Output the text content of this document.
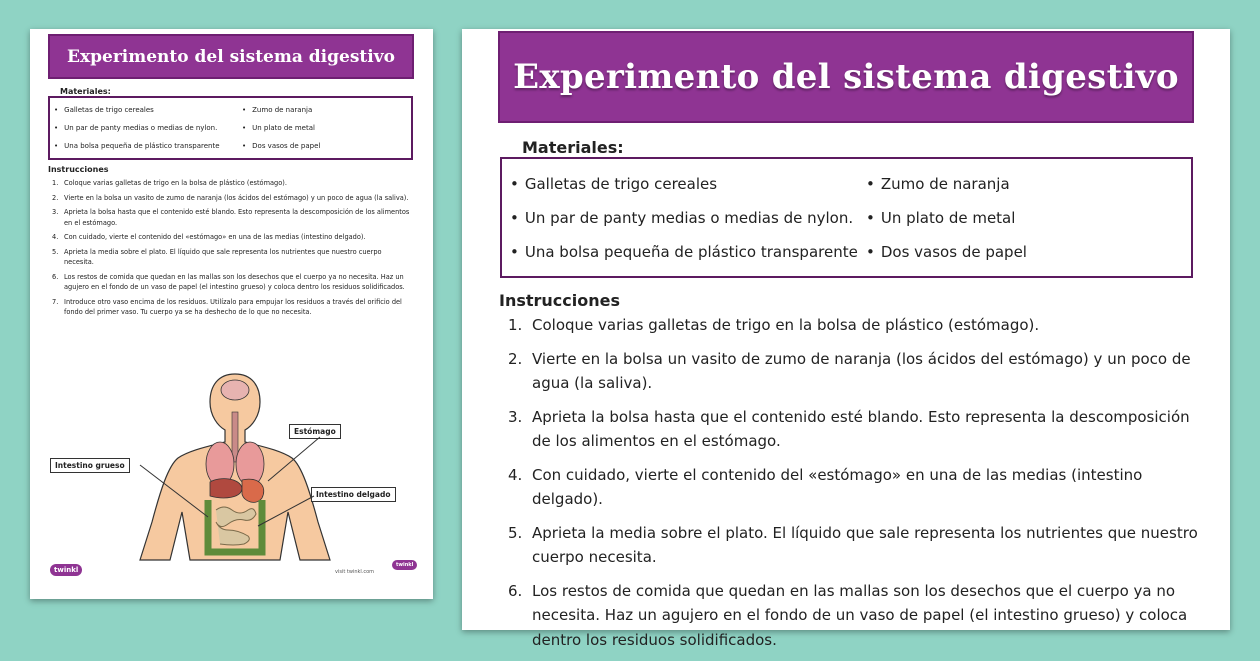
Experimento del sistema digestivo
Materiales:
• Galletas de trigo cereales
• Un par de panty medias o medias de nylon.
• Una bolsa pequeña de plástico transparente
• Zumo de naranja
• Un plato de metal
• Dos vasos de papel
Instrucciones
1. Coloque varias galletas de trigo en la bolsa de plástico (estómago).
2. Vierte en la bolsa un vasito de zumo de naranja (los ácidos del estómago) y un poco de agua (la saliva).
3. Aprieta la bolsa hasta que el contenido esté blando. Esto representa la descomposición de los alimentos en el estómago.
4. Con cuidado, vierte el contenido del «estómago» en una de las medias (intestino delgado).
5. Aprieta la media sobre el plato. El líquido que sale representa los nutrientes que nuestro cuerpo necesita.
6. Los restos de comida que quedan en las mallas son los desechos que el cuerpo ya no necesita. Haz un agujero en el fondo de un vaso de papel (el intestino grueso) y coloca dentro los residuos solidificados.
7. Introduce otro vaso encima de los residuos. Utilízalo para empujar los residuos a través del orificio del fondo del primer vaso. Tu cuerpo ya se ha deshecho de lo que no necesita.
Estómago
Intestino grueso
Intestino delgado
twinkl	visit twinkl.com
twinkl
Experimento del sistema digestivo
Materiales:
• Galletas de trigo cereales
• Un par de panty medias o medias de nylon.
• Una bolsa pequeña de plástico transparente
• Zumo de naranja
• Un plato de metal
• Dos vasos de papel
Instrucciones
1. Coloque varias galletas de trigo en la bolsa de plástico (estómago).
2. Vierte en la bolsa un vasito de zumo de naranja (los ácidos del estómago) y un poco de agua (la saliva).
3. Aprieta la bolsa hasta que el contenido esté blando. Esto representa la descomposición de los alimentos en el estómago.
4. Con cuidado, vierte el contenido del «estómago» en una de las medias (intestino delgado).
5. Aprieta la media sobre el plato. El líquido que sale representa los nutrientes que nuestro cuerpo necesita.
6. Los restos de comida que quedan en las mallas son los desechos que el cuerpo ya no necesita. Haz un agujero en el fondo de un vaso de papel (el intestino grueso) y coloca dentro los residuos solidificados.
